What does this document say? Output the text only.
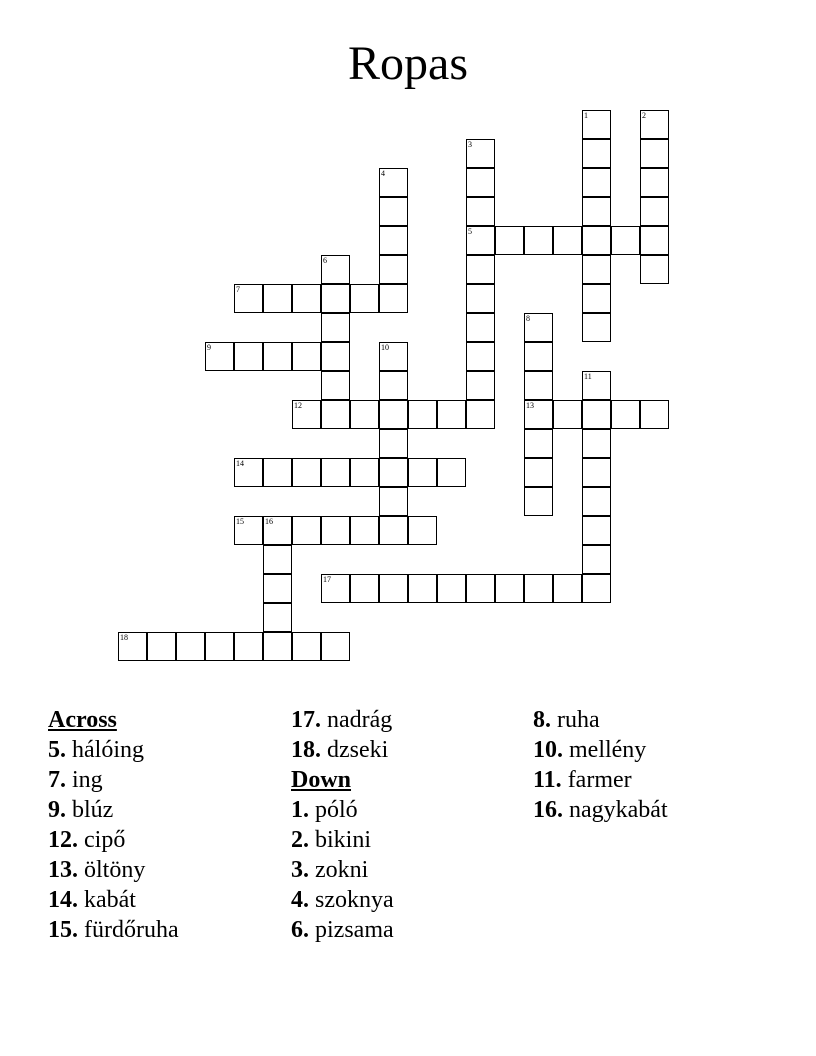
Ropas
1	2
3
5
4
6
7
8
13
9	10
11
12
14
15	16
17
18
Across
5. hálóing
7. ing
9. blúz
12. cipő
13. öltöny
14. kabát
15. fürdőruha
17. nadrág
18. dzseki
Down
1. póló
2. bikini
3. zokni
4. szoknya
6. pizsama
8. ruha
10. mellény
11. farmer
16. nagykabát
